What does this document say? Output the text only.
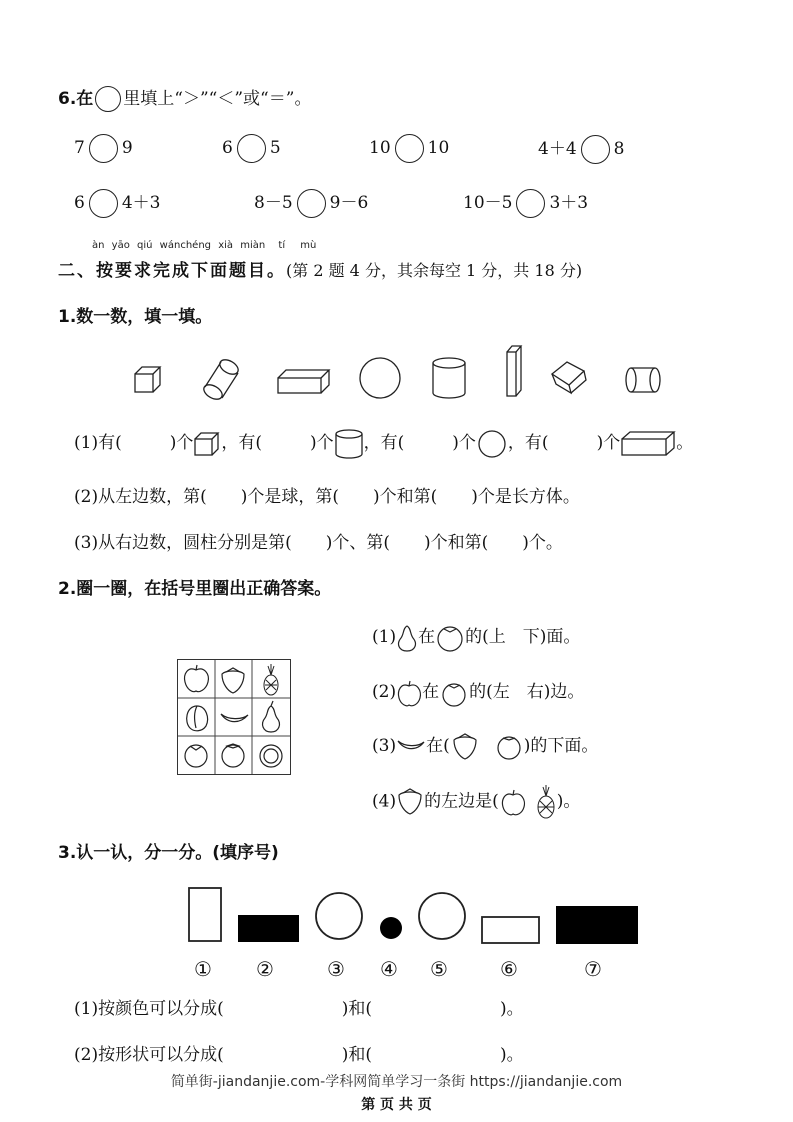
6.在 里填上“＞”“＜”或“＝”。
7 9	6 5	10 10	4＋4 8
6 4＋3	8－5 9－6	10－5 3＋3
àn yāo qiú wánchéng xià miàn tí mù
二、按要求完成下面题目。(第 2 题 4 分，其余每空 1 分，共 18 分)
1.数一数，填一填。
(1)有(	)个 ，有(	)个 ，有(	)个 ，有(	)个	。
(2)从左边数，第(　　)个是球，第(　　)个和第(　　)个是长方体。
(3)从右边数，圆柱分别是第(　　)个、第(　　)个和第(　　)个。
2.圈一圈，在括号里圈出正确答案。
(1) 在 的(上　下)面。
(2) 在 的(左　右)边。
(3) 在(	)的下面。
(4) 的左边是(	)。
3.认一认，分一分。(填序号)
① ②	③ ④ ⑤	⑥	⑦
(1)按颜色可以分成(	)和(	)。
(2)按形状可以分成(	)和(	)。
简单街-jiandanjie.com-学科网简单学习一条街 https://jiandanjie.com
第 页 共 页
